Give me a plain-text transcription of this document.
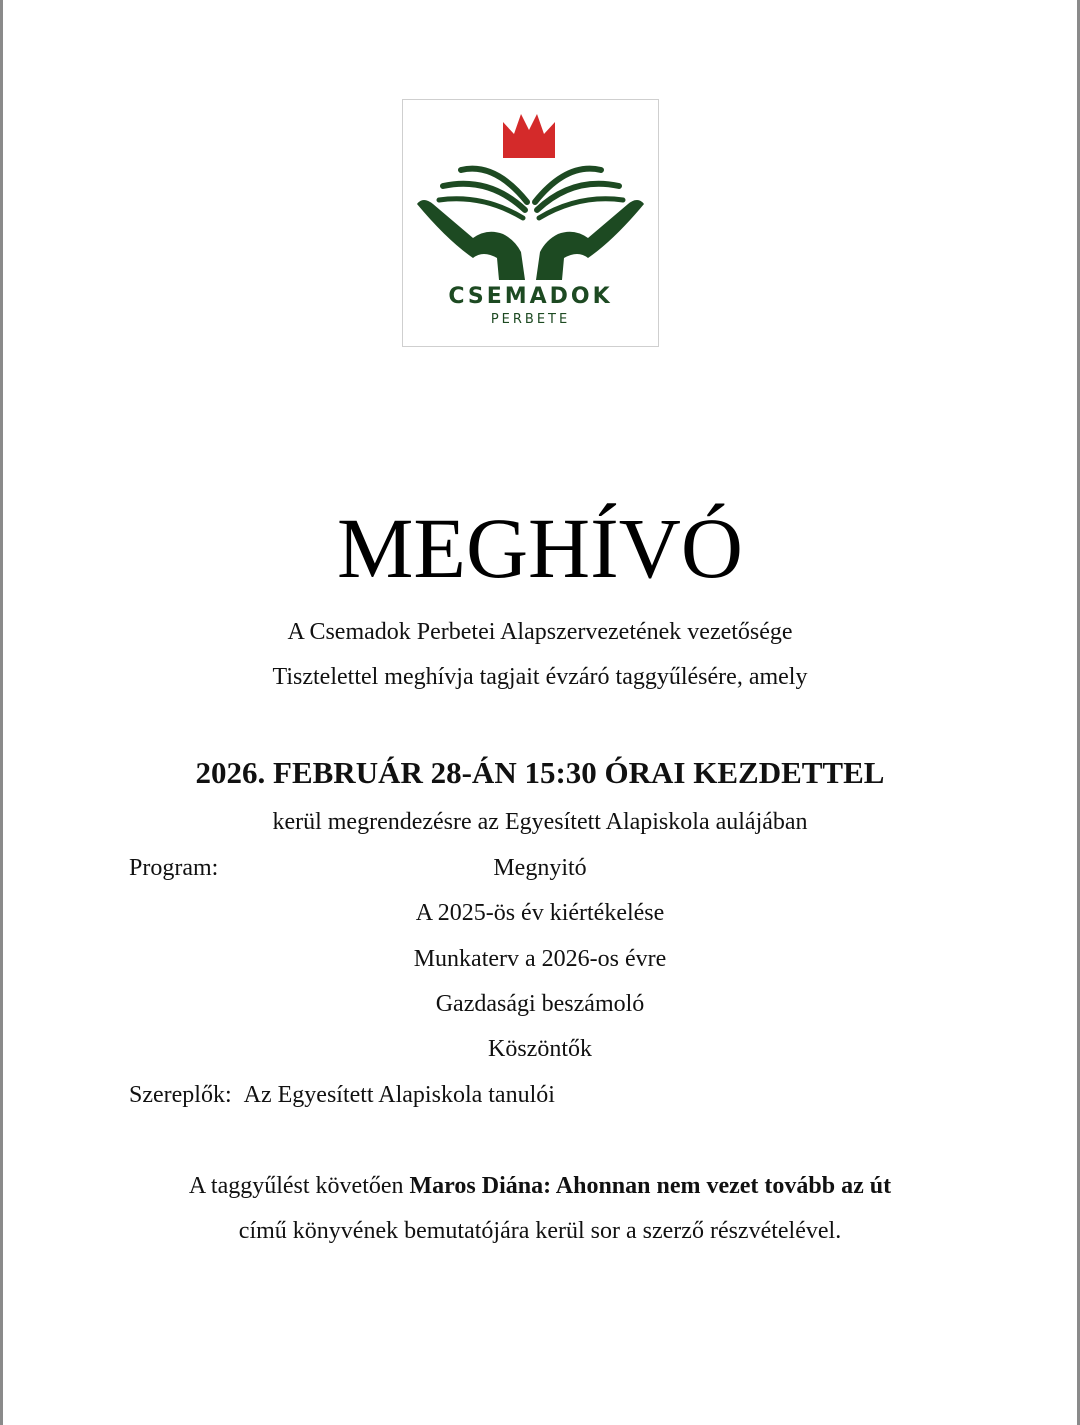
CSEMADOK
PERBETE
MEGHÍVÓ
A Csemadok Perbetei Alapszervezetének vezetősége
Tisztelettel meghívja tagjait évzáró taggyűlésére, amely
2026. FEBRUÁR 28-ÁN 15:30 ÓRAI KEZDETTEL
kerül megrendezésre az Egyesített Alapiskola aulájában
Program:	Megnyitó
A 2025-ös év kiértékelése
Munkaterv a 2026-os évre
Gazdasági beszámoló
Köszöntők
Szereplők: Az Egyesített Alapiskola tanulói
A taggyűlést követően Maros Diána: Ahonnan nem vezet tovább az út
című könyvének bemutatójára kerül sor a szerző részvételével.
